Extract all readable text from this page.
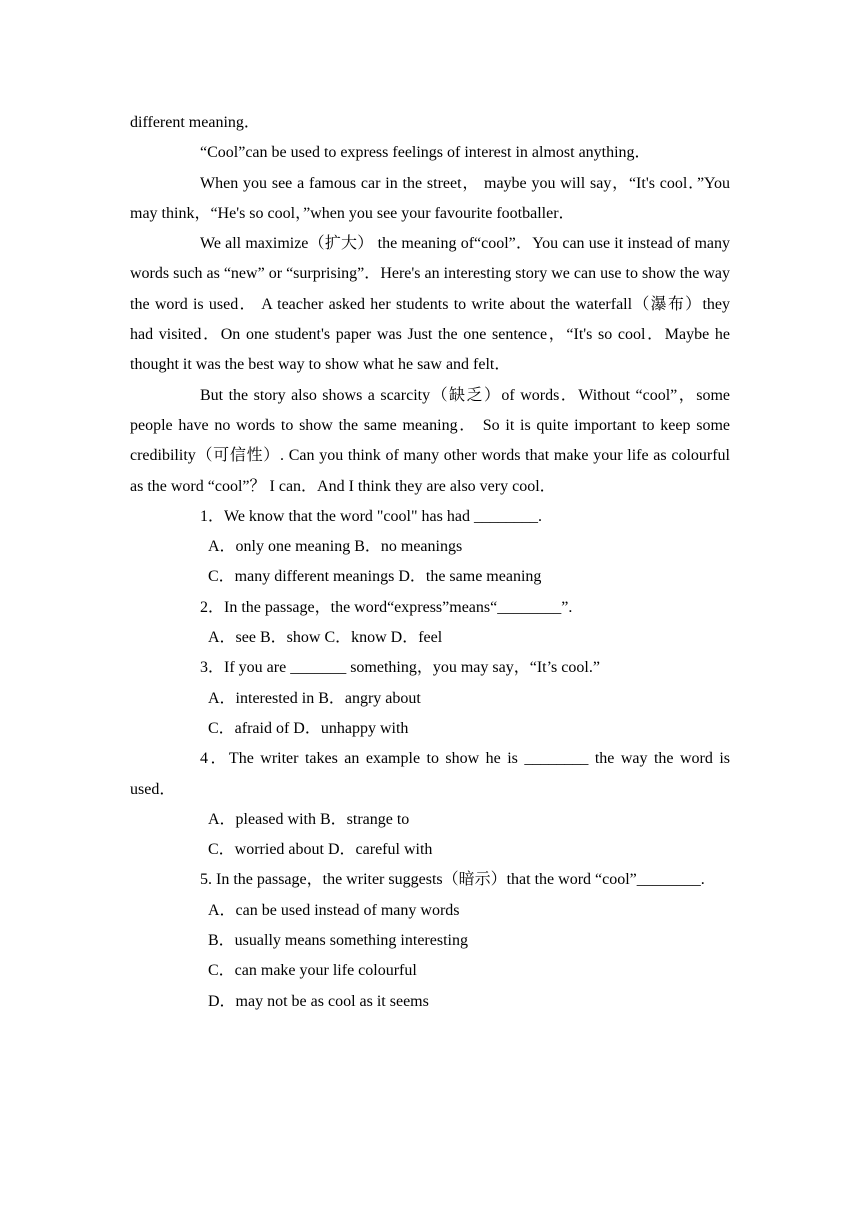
different meaning．

“Cool”can be used to express feelings of interest in almost anything．

When you see a famous car in the street， maybe you will say，“It's cool．”You may think，“He's so cool，”when you see your favourite footballer．

We all maximize（扩大） the meaning of“cool”．You can use it instead of many words such as “new” or “surprising”．Here's an interesting story we can use to show the way the word is used． A teacher asked her students to write about the waterfall（瀑布）they had visited．On one student's paper was Just the one sentence，“It's so cool．Maybe he thought it was the best way to show what he saw and felt．

But the story also shows a scarcity（缺乏）of words．Without “cool”，some people have no words to show the same meaning． So it is quite important to keep some credibility（可信性）. Can you think of many other words that make your life as colourful as the word “cool”？ I can．And I think they are also very cool．

1．We know that the word "cool" has had ________.

A．only one meaning B．no meanings

C．many different meanings D．the same meaning

2．In the passage，the word“express”means“________”.

A．see B．show C．know D．feel

3．If you are _______ something，you may say，“It’s cool.”

A．interested in B．angry about

C．afraid of D．unhappy with

4．The writer takes an example to show he is ________ the way the word is used．

A．pleased with B．strange to

C．worried about D．careful with

5. In the passage，the writer suggests（暗示）that the word “cool”________.

A．can be used instead of many words

B．usually means something interesting

C．can make your life colourful

D．may not be as cool as it seems
